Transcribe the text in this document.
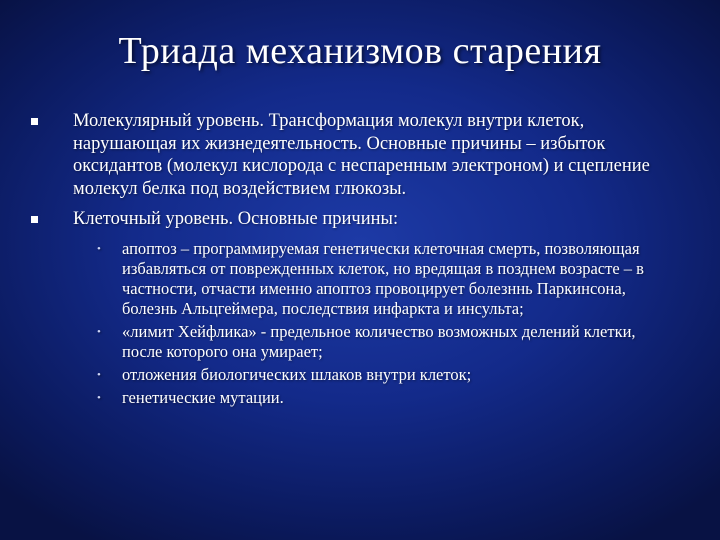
Триада механизмов старения
Молекулярный уровень. Трансформация молекул внутри клеток, нарушающая их жизнедеятельность. Основные причины – избыток оксидантов (молекул кислорода с неспаренным электроном) и сцепление молекул белка под воздействием глюкозы.
Клеточный уровень. Основные причины:
• апоптоз – программируемая генетически клеточная смерть, позволяющая избавляться от поврежденных клеток, но вредящая в позднем возрасте – в частности, отчасти именно апоптоз провоцирует болезннь Паркинсона, болезнь Альцгеймера, последствия инфаркта и инсульта;
• «лимит Хейфлика» - предельное количество возможных делений клетки, после которого она умирает;
• отложения биологических шлаков внутри клеток;
• генетические мутации.
